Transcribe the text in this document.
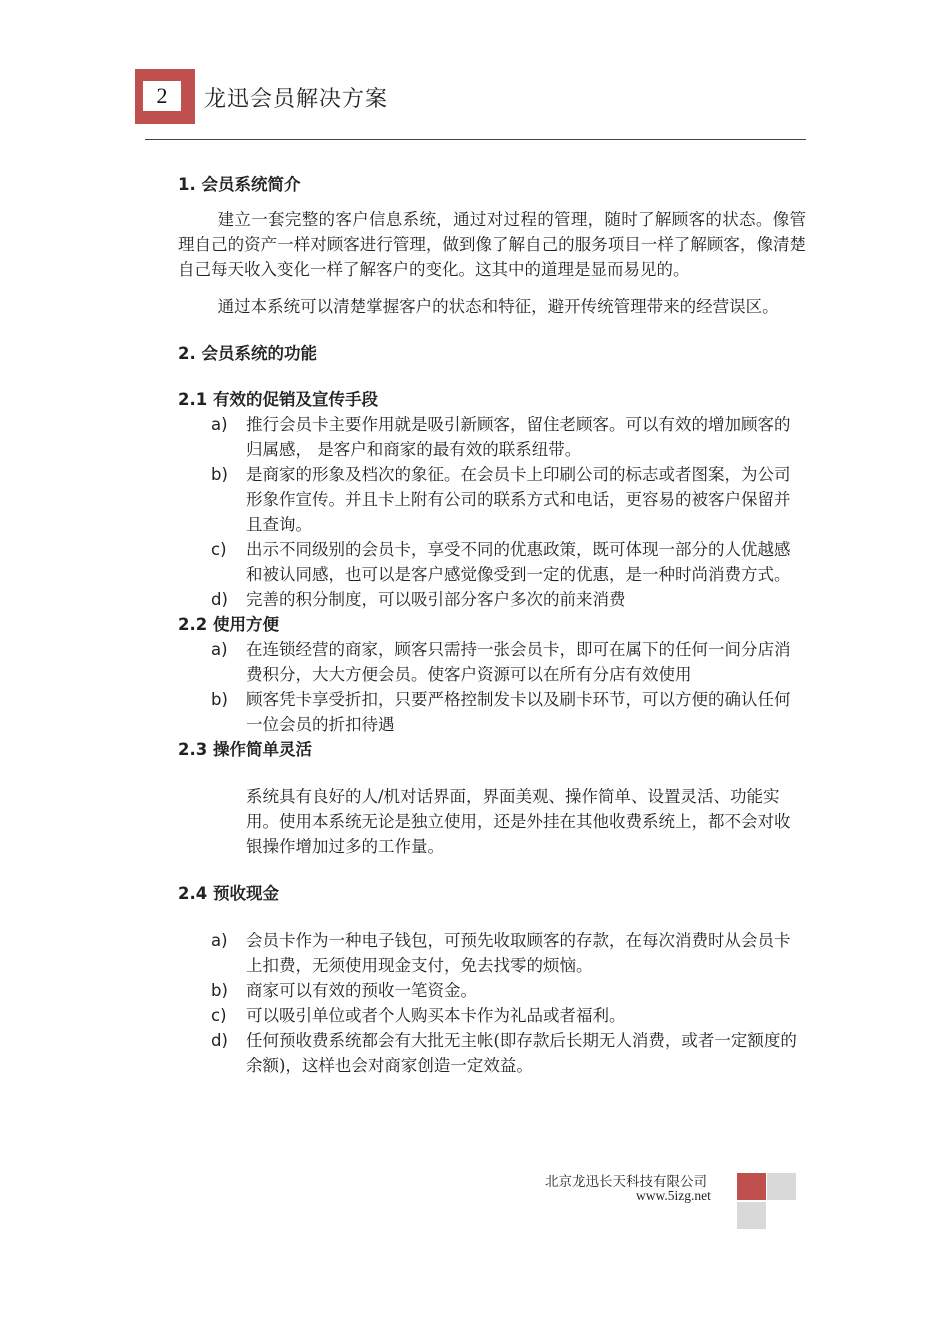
2	龙迅会员解决方案
1. 会员系统简介

建立一套完整的客户信息系统，通过对过程的管理，随时了解顾客的状态。像管理自己的资产一样对顾客进行管理，做到像了解自己的服务项目一样了解顾客，像清楚自己每天收入变化一样了解客户的变化。这其中的道理是显而易见的。

通过本系统可以清楚掌握客户的状态和特征，避开传统管理带来的经营误区。

2. 会员系统的功能
2.1 有效的促销及宣传手段
a) 推行会员卡主要作用就是吸引新顾客，留住老顾客。可以有效的增加顾客的归属感， 是客户和商家的最有效的联系纽带。
b) 是商家的形象及档次的象征。在会员卡上印刷公司的标志或者图案，为公司形象作宣传。并且卡上附有公司的联系方式和电话，更容易的被客户保留并且查询。
c) 出示不同级别的会员卡，享受不同的优惠政策，既可体现一部分的人优越感和被认同感，也可以是客户感觉像受到一定的优惠，是一种时尚消费方式。
d) 完善的积分制度，可以吸引部分客户多次的前来消费
2.2 使用方便
a) 在连锁经营的商家，顾客只需持一张会员卡，即可在属下的任何一间分店消费积分，大大方便会员。使客户资源可以在所有分店有效使用
b) 顾客凭卡享受折扣，只要严格控制发卡以及刷卡环节，可以方便的确认任何一位会员的折扣待遇
2.3 操作简单灵活

系统具有良好的人/机对话界面，界面美观、操作简单、设置灵活、功能实用。使用本系统无论是独立使用，还是外挂在其他收费系统上，都不会对收银操作增加过多的工作量。

2.4 预收现金
a) 会员卡作为一种电子钱包，可预先收取顾客的存款，在每次消费时从会员卡上扣费，无须使用现金支付，免去找零的烦恼。
b) 商家可以有效的预收一笔资金。
c) 可以吸引单位或者个人购买本卡作为礼品或者福利。
d) 任何预收费系统都会有大批无主帐(即存款后长期无人消费，或者一定额度的余额)，这样也会对商家创造一定效益。
北京龙迅长天科技有限公司
www.5izg.net
